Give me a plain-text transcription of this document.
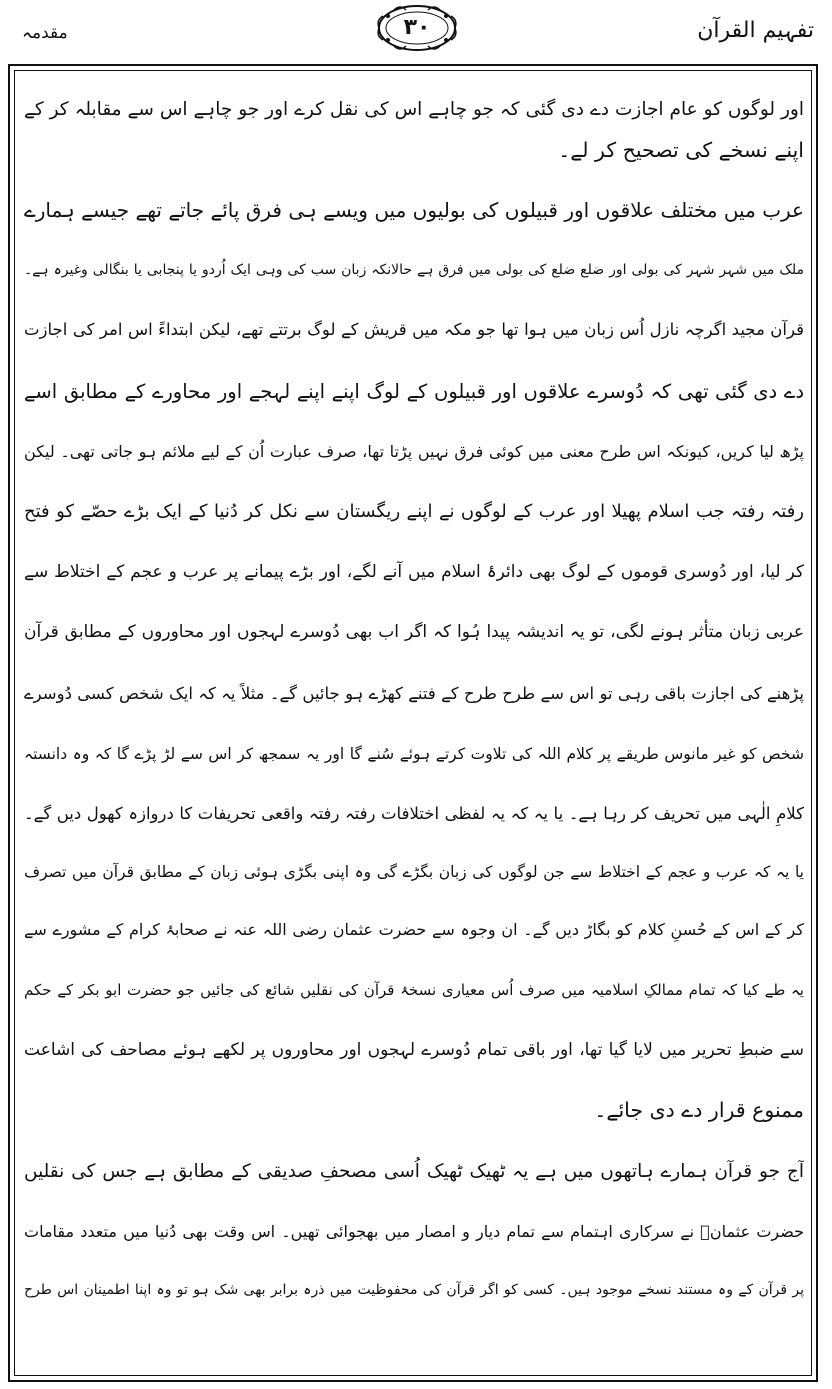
تفہیم القرآن
۳۰
مقدمہ
اور لوگوں کو عام اجازت دے دی گئی کہ جو چاہے اس کی نقل کرے اور جو چاہے اس سے مقابلہ کر کے
اپنے نسخے کی تصحیح کر لے۔
عرب میں مختلف علاقوں اور قبیلوں کی بولیوں میں ویسے ہی فرق پائے جاتے تھے جیسے ہمارے
ملک میں شہر شہر کی بولی اور ضلع ضلع کی بولی میں فرق ہے حالانکہ زبان سب کی وہی ایک اُردو یا پنجابی یا بنگالی وغیرہ ہے۔
قرآن مجید اگرچہ نازل اُس زبان میں ہوا تھا جو مکہ میں قریش کے لوگ برتتے تھے، لیکن ابتداءً اس امر کی اجازت
دے دی گئی تھی کہ دُوسرے علاقوں اور قبیلوں کے لوگ اپنے اپنے لہجے اور محاورے کے مطابق اسے
پڑھ لیا کریں، کیونکہ اس طرح معنی میں کوئی فرق نہیں پڑتا تھا، صرف عبارت اُن کے لیے ملائم ہو جاتی تھی۔ لیکن
رفتہ رفتہ جب اسلام پھیلا اور عرب کے لوگوں نے اپنے ریگستان سے نکل کر دُنیا کے ایک بڑے حصّے کو فتح
کر لیا، اور دُوسری قوموں کے لوگ بھی دائرۂ اسلام میں آنے لگے، اور بڑے پیمانے پر عرب و عجم کے اختلاط سے
عربی زبان متأثر ہونے لگی، تو یہ اندیشہ پیدا ہُوا کہ اگر اب بھی دُوسرے لہجوں اور محاوروں کے مطابق قرآن
پڑھنے کی اجازت باقی رہی تو اس سے طرح طرح کے فتنے کھڑے ہو جائیں گے۔ مثلاً یہ کہ ایک شخص کسی دُوسرے
شخص کو غیر مانوس طریقے پر کلام اللہ کی تلاوت کرتے ہوئے سُنے گا اور یہ سمجھ کر اس سے لڑ پڑے گا کہ وہ دانستہ
کلامِ الٰہی میں تحریف کر رہا ہے۔ یا یہ کہ یہ لفظی اختلافات رفتہ رفتہ واقعی تحریفات کا دروازہ کھول دیں گے۔
یا یہ کہ عرب و عجم کے اختلاط سے جن لوگوں کی زبان بگڑے گی وہ اپنی بگڑی ہوئی زبان کے مطابق قرآن میں تصرف
کر کے اس کے حُسنِ کلام کو بگاڑ دیں گے۔ ان وجوہ سے حضرت عثمان رضی اللہ عنہ نے صحابۂ کرام کے مشورے سے
یہ طے کیا کہ تمام ممالکِ اسلامیہ میں صرف اُس معیاری نسخۂ قرآن کی نقلیں شائع کی جائیں جو حضرت ابو بکر کے حکم
سے ضبطِ تحریر میں لایا گیا تھا، اور باقی تمام دُوسرے لہجوں اور محاوروں پر لکھے ہوئے مصاحف کی اشاعت
ممنوع قرار دے دی جائے۔
آج جو قرآن ہمارے ہاتھوں میں ہے یہ ٹھیک ٹھیک اُسی مصحفِ صدیقی کے مطابق ہے جس کی نقلیں
حضرت عثمانؓ نے سرکاری اہتمام سے تمام دیار و امصار میں بھجوائی تھیں۔ اس وقت بھی دُنیا میں متعدد مقامات
پر قرآن کے وہ مستند نسخے موجود ہیں۔ کسی کو اگر قرآن کی محفوظیت میں ذرہ برابر بھی شک ہو تو وہ اپنا اطمینان اس طرح
